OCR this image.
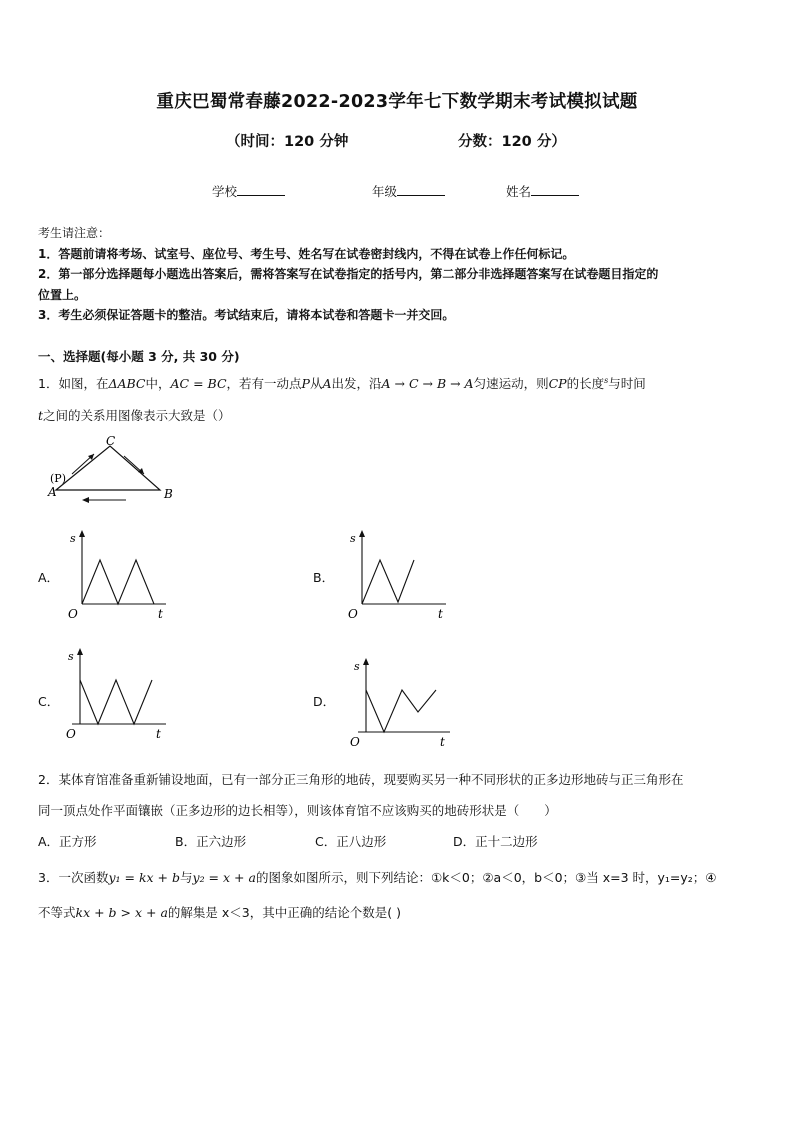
重庆巴蜀常春藤2022-2023学年七下数学期末考试模拟试题
（时间：120 分钟	分数：120 分）
学校	年级	姓名
考生请注意：
1．答题前请将考场、试室号、座位号、考生号、姓名写在试卷密封线内，不得在试卷上作任何标记。
2．第一部分选择题每小题选出答案后，需将答案写在试卷指定的括号内，第二部分非选择题答案写在试卷题目指定的
位置上。
3．考生必须保证答题卡的整洁。考试结束后，请将本试卷和答题卡一并交回。
一、选择题(每小题 3 分, 共 30 分)
1．如图，在ΔABC中，AC = BC，若有一动点P从A出发，沿A → C → B → A匀速运动，则CP的长度$^s$与时间
t之间的关系用图像表示大致是（）
C
(P)
A	B
A．
s
O	t
B．
s
O	t
C．
s
O	t
D．
s
O	t
2．某体育馆准备重新铺设地面，已有一部分正三角形的地砖，现要购买另一种不同形状的正多边形地砖与正三角形在
同一顶点处作平面镶嵌（正多边形的边长相等），则该体育馆不应该购买的地砖形状是（　　）
A．正方形	B．正六边形	C．正八边形	D．正十二边形
3．一次函数y₁ = kx + b与y₂ = x + a的图象如图所示，则下列结论：①k＜0；②a＜0，b＜0；③当 x=3 时，y₁=y₂；④
不等式kx + b > x + a的解集是 x＜3，其中正确的结论个数是( )
